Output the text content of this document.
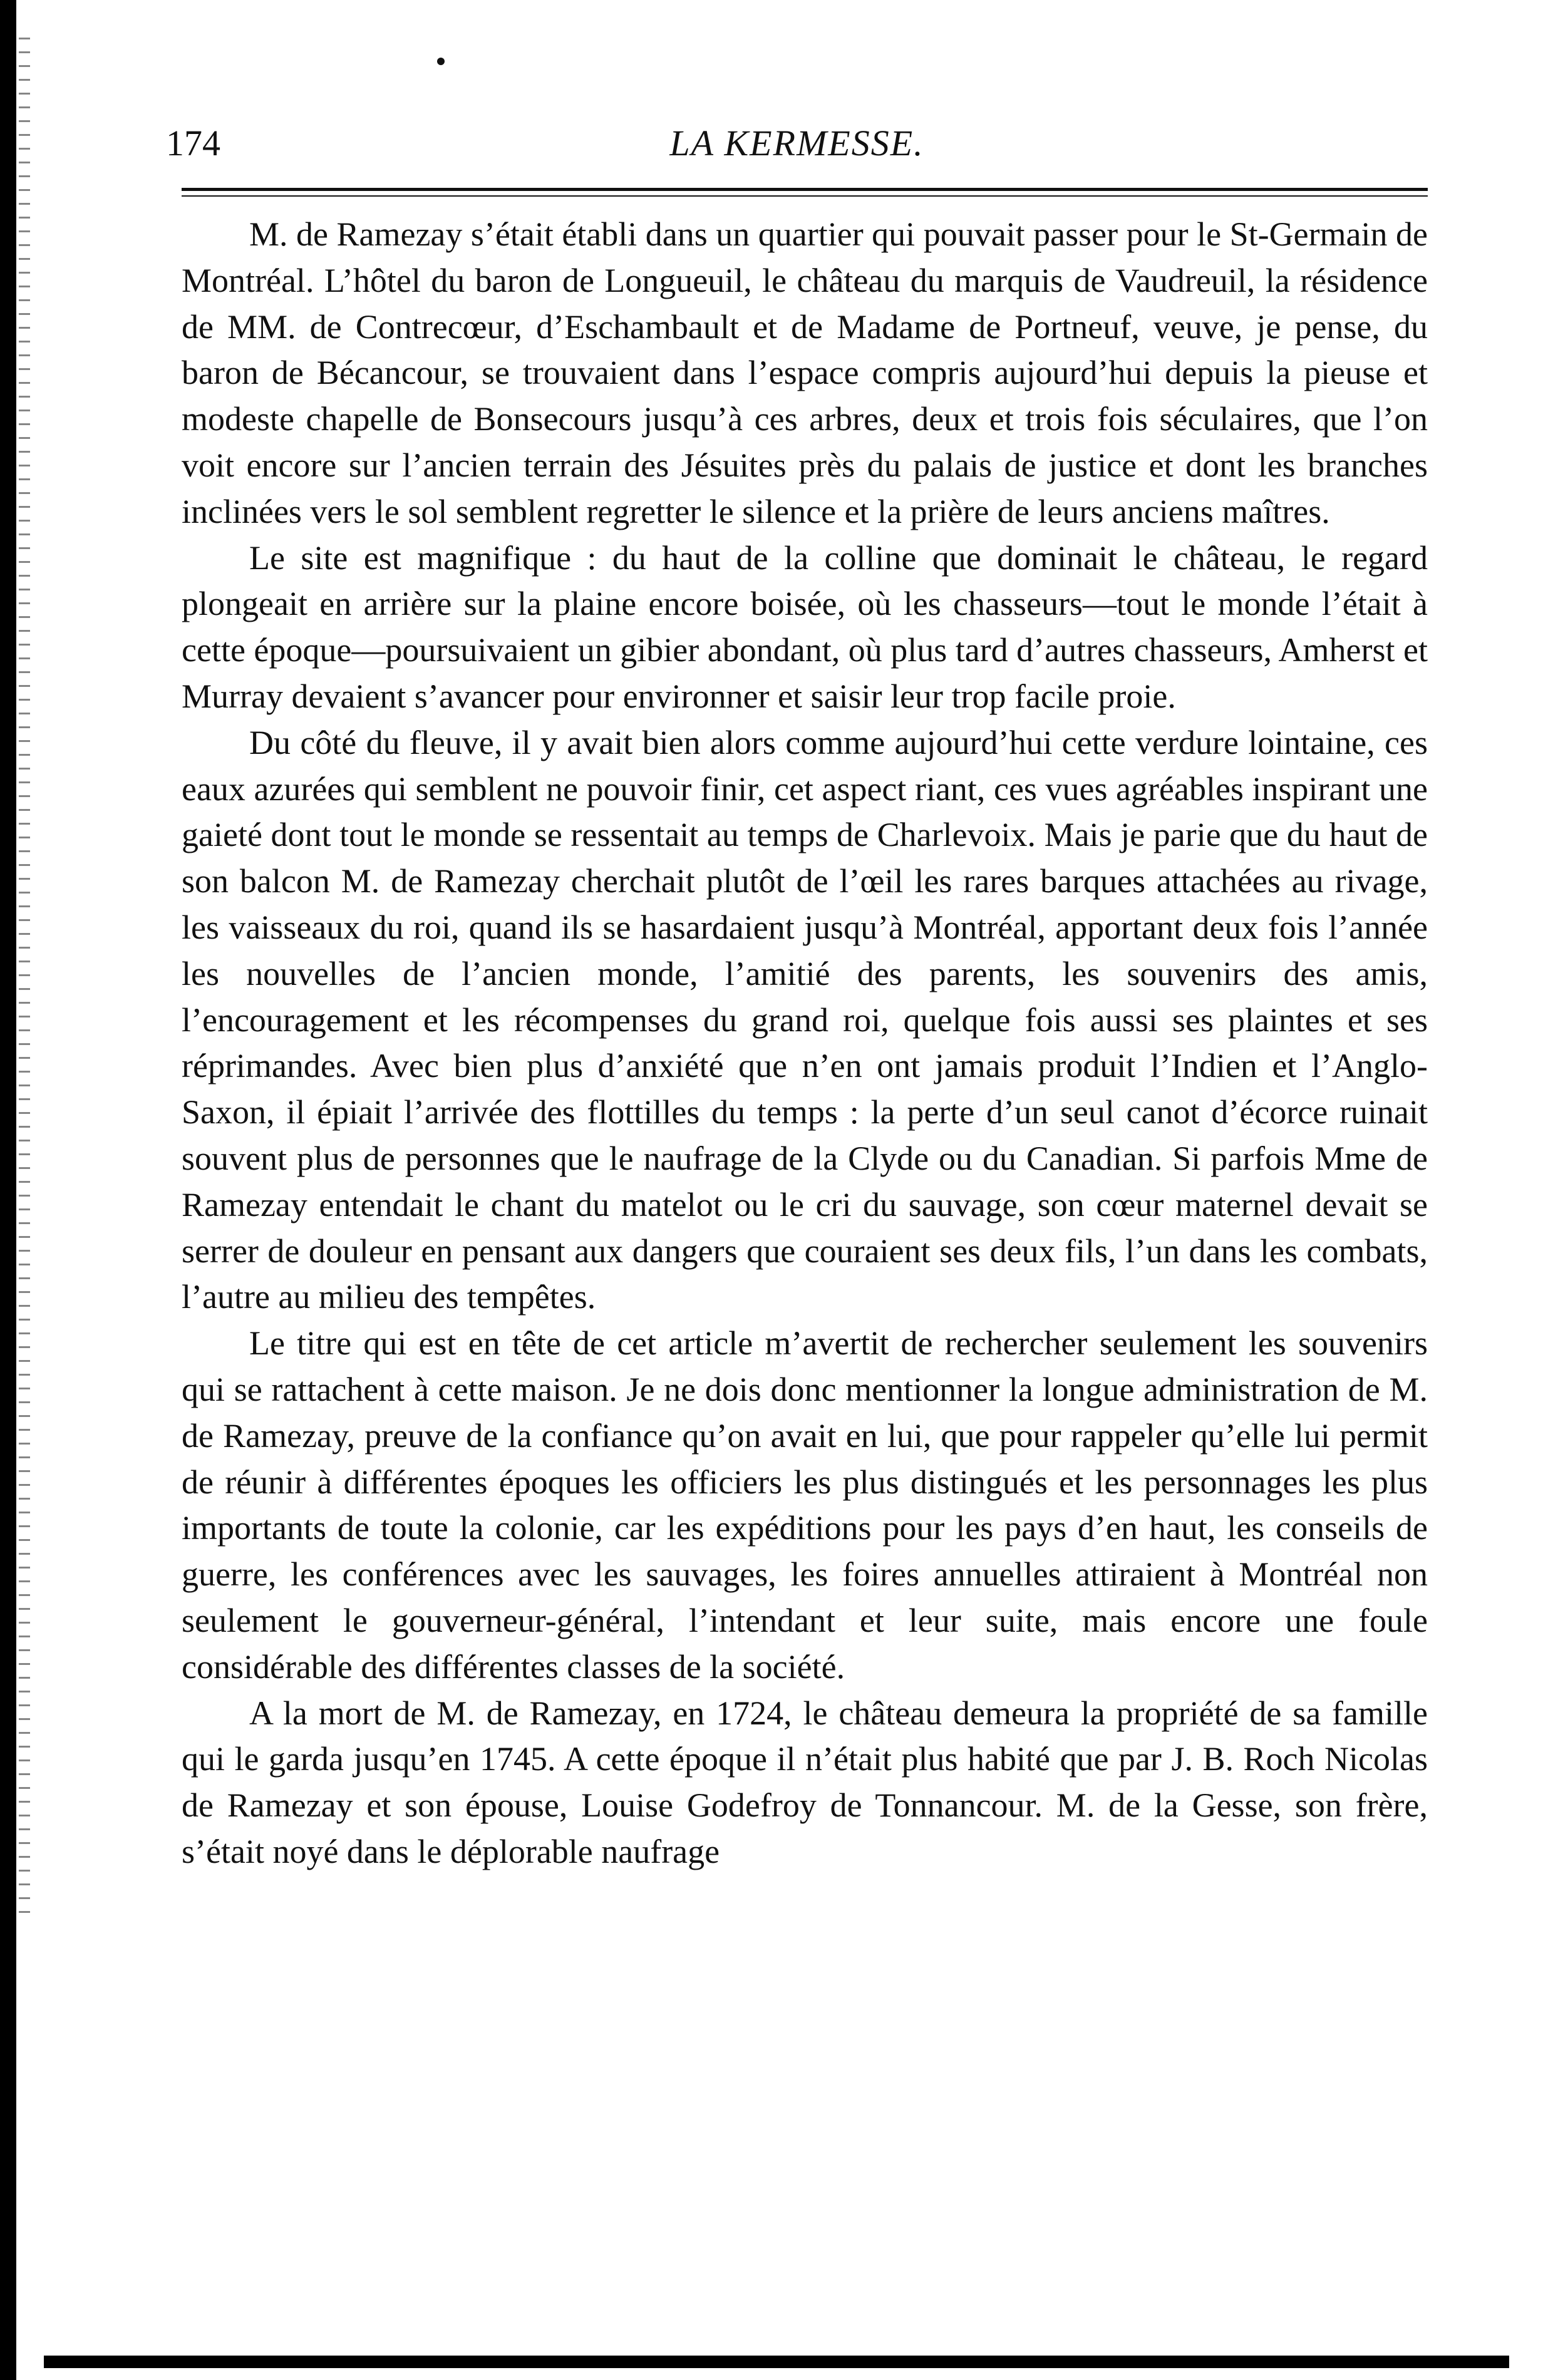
174	LA KERMESSE.

M. de Ramezay s’était établi dans un quartier qui pouvait passer pour le St-Germain de Montréal. L’hôtel du baron de Longueuil, le château du marquis de Vaudreuil, la résidence de MM. de Contrecœur, d’Eschambault et de Madame de Portneuf, veuve, je pense, du baron de Bécancour, se trouvaient dans l’espace compris aujourd’hui depuis la pieuse et modeste chapelle de Bonsecours jusqu’à ces arbres, deux et trois fois séculaires, que l’on voit encore sur l’ancien terrain des Jésuites près du palais de justice et dont les branches inclinées vers le sol semblent regretter le silence et la prière de leurs anciens maîtres.

Le site est magnifique : du haut de la colline que dominait le château, le regard plongeait en arrière sur la plaine encore boisée, où les chasseurs—tout le monde l’était à cette époque—poursuivaient un gibier abondant, où plus tard d’autres chasseurs, Amherst et Murray devaient s’avancer pour environner et saisir leur trop facile proie.

Du côté du fleuve, il y avait bien alors comme aujourd’hui cette verdure lointaine, ces eaux azurées qui semblent ne pouvoir finir, cet aspect riant, ces vues agréables inspirant une gaieté dont tout le monde se ressentait au temps de Charlevoix. Mais je parie que du haut de son balcon M. de Ramezay cherchait plutôt de l’œil les rares barques attachées au rivage, les vaisseaux du roi, quand ils se hasardaient jusqu’à Montréal, apportant deux fois l’année les nouvelles de l’ancien monde, l’amitié des parents, les souvenirs des amis, l’encouragement et les récompenses du grand roi, quelque fois aussi ses plaintes et ses réprimandes. Avec bien plus d’anxiété que n’en ont jamais produit l’Indien et l’Anglo-Saxon, il épiait l’arrivée des flottilles du temps : la perte d’un seul canot d’écorce ruinait souvent plus de personnes que le naufrage de la Clyde ou du Canadian. Si parfois Mme de Ramezay entendait le chant du matelot ou le cri du sauvage, son cœur maternel devait se serrer de douleur en pensant aux dangers que couraient ses deux fils, l’un dans les combats, l’autre au milieu des tempêtes.

Le titre qui est en tête de cet article m’avertit de rechercher seulement les souvenirs qui se rattachent à cette maison. Je ne dois donc mentionner la longue administration de M. de Ramezay, preuve de la confiance qu’on avait en lui, que pour rappeler qu’elle lui permit de réunir à différentes époques les officiers les plus distingués et les personnages les plus importants de toute la colonie, car les expéditions pour les pays d’en haut, les conseils de guerre, les conférences avec les sauvages, les foires annuelles attiraient à Montréal non seulement le gouverneur-général, l’intendant et leur suite, mais encore une foule considérable des différentes classes de la société.

A la mort de M. de Ramezay, en 1724, le château demeura la propriété de sa famille qui le garda jusqu’en 1745. A cette époque il n’était plus habité que par J. B. Roch Nicolas de Ramezay et son épouse, Louise Godefroy de Tonnancour. M. de la Gesse, son frère, s’était noyé dans le déplorable naufrage
